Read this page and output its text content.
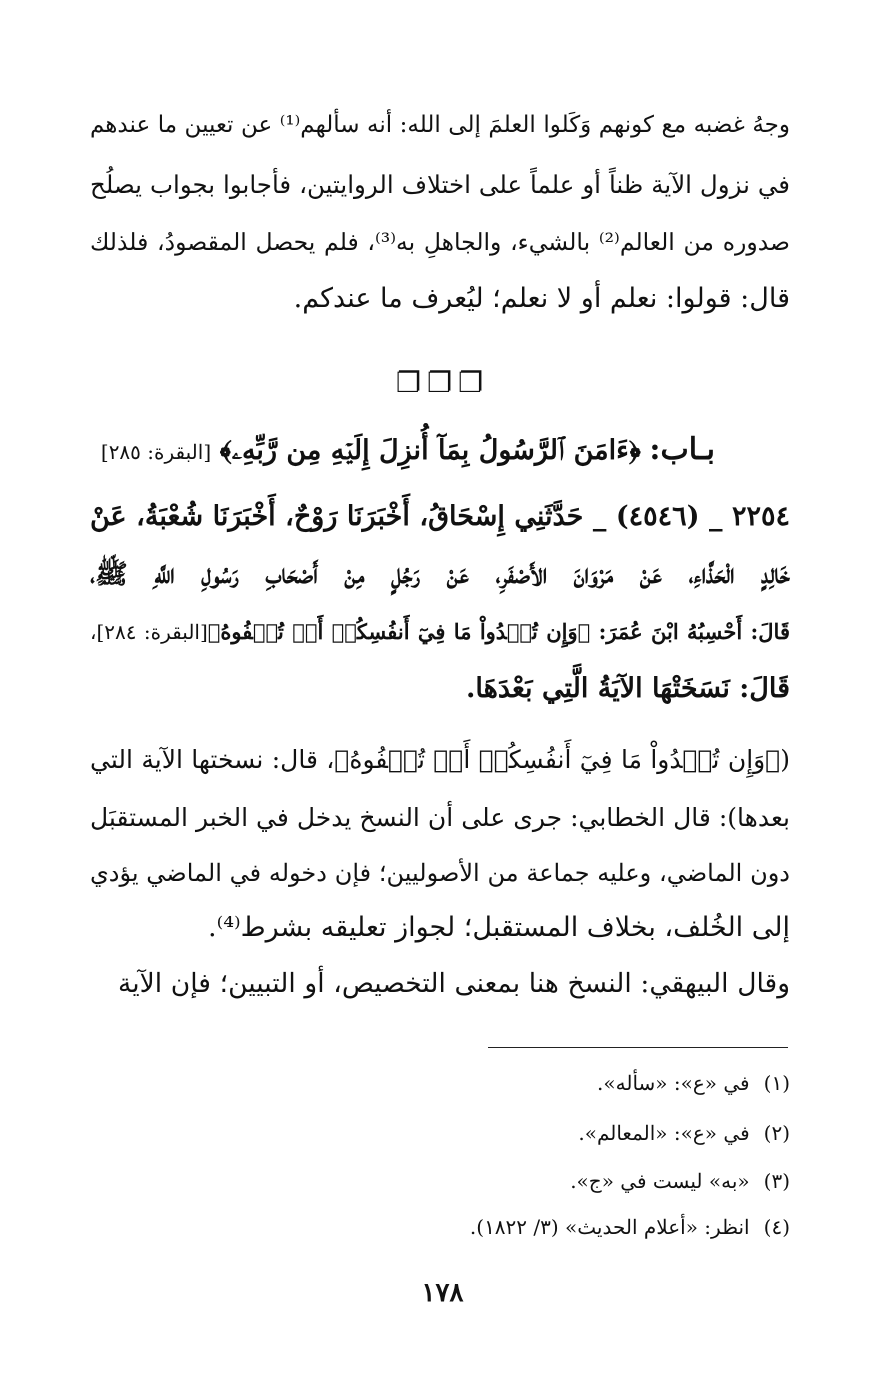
وجهُ غضبه مع كونهم وَكَلوا العلمَ إلى الله: أنه سألهم⁽¹⁾ عن تعيين ما عندهم
في نزول الآية ظناً أو علماً على اختلاف الروايتين، فأجابوا بجواب يصلُح
صدوره من العالم⁽²⁾ بالشيء، والجاهلِ به⁽³⁾، فلم يحصل المقصودُ، فلذلك
قال: قولوا: نعلم أو لا نعلم؛ ليُعرف ما عندكم.
❐❐❐
بـاب: ﴿ءَامَنَ ٱلرَّسُولُ بِمَآ أُنزِلَ إِلَيۡهِ مِن رَّبِّهِۦ﴾ [البقرة: ٢٨٥]
٢٢٥٤ _ (٤٥٤٦) _ حَدَّثَنِي إِسْحَاقُ، أَخْبَرَنَا رَوْحٌ، أَخْبَرَنَا شُعْبَةُ، عَنْ
خَالِدٍ الْحَذَّاءِ، عَنْ مَرْوَانَ الأَصْفَرِ، عَنْ رَجُلٍ مِنْ أَصْحَابِ رَسُولِ اللَّهِ ﷺ،
قَالَ: أَحْسِبُهُ ابْنَ عُمَرَ: ﴿وَإِن تُبۡدُواْ مَا فِيٓ أَنفُسِكُمۡ أَوۡ تُخۡفُوهُ﴾[البقرة: ٢٨٤]،
قَالَ: نَسَخَتْهَا الآيَةُ الَّتِي بَعْدَهَا.
(﴿وَإِن تُبۡدُواْ مَا فِيٓ أَنفُسِكُمۡ أَوۡ تُخۡفُوهُ﴾، قال: نسختها الآية التي
بعدها): قال الخطابي: جرى على أن النسخ يدخل في الخبر المستقبَل
دون الماضي، وعليه جماعة من الأصوليين؛ فإن دخوله في الماضي يؤدي
إلى الخُلف، بخلاف المستقبل؛ لجواز تعليقه بشرط⁽⁴⁾.
وقال البيهقي: النسخ هنا بمعنى التخصيص، أو التبيين؛ فإن الآية
(١)في «ع»: «سأله».
(٢)في «ع»: «المعالم».
(٣)«به» ليست في «ج».
(٤)انظر: «أعلام الحديث» (٣/ ١٨٢٢).
١٧٨
